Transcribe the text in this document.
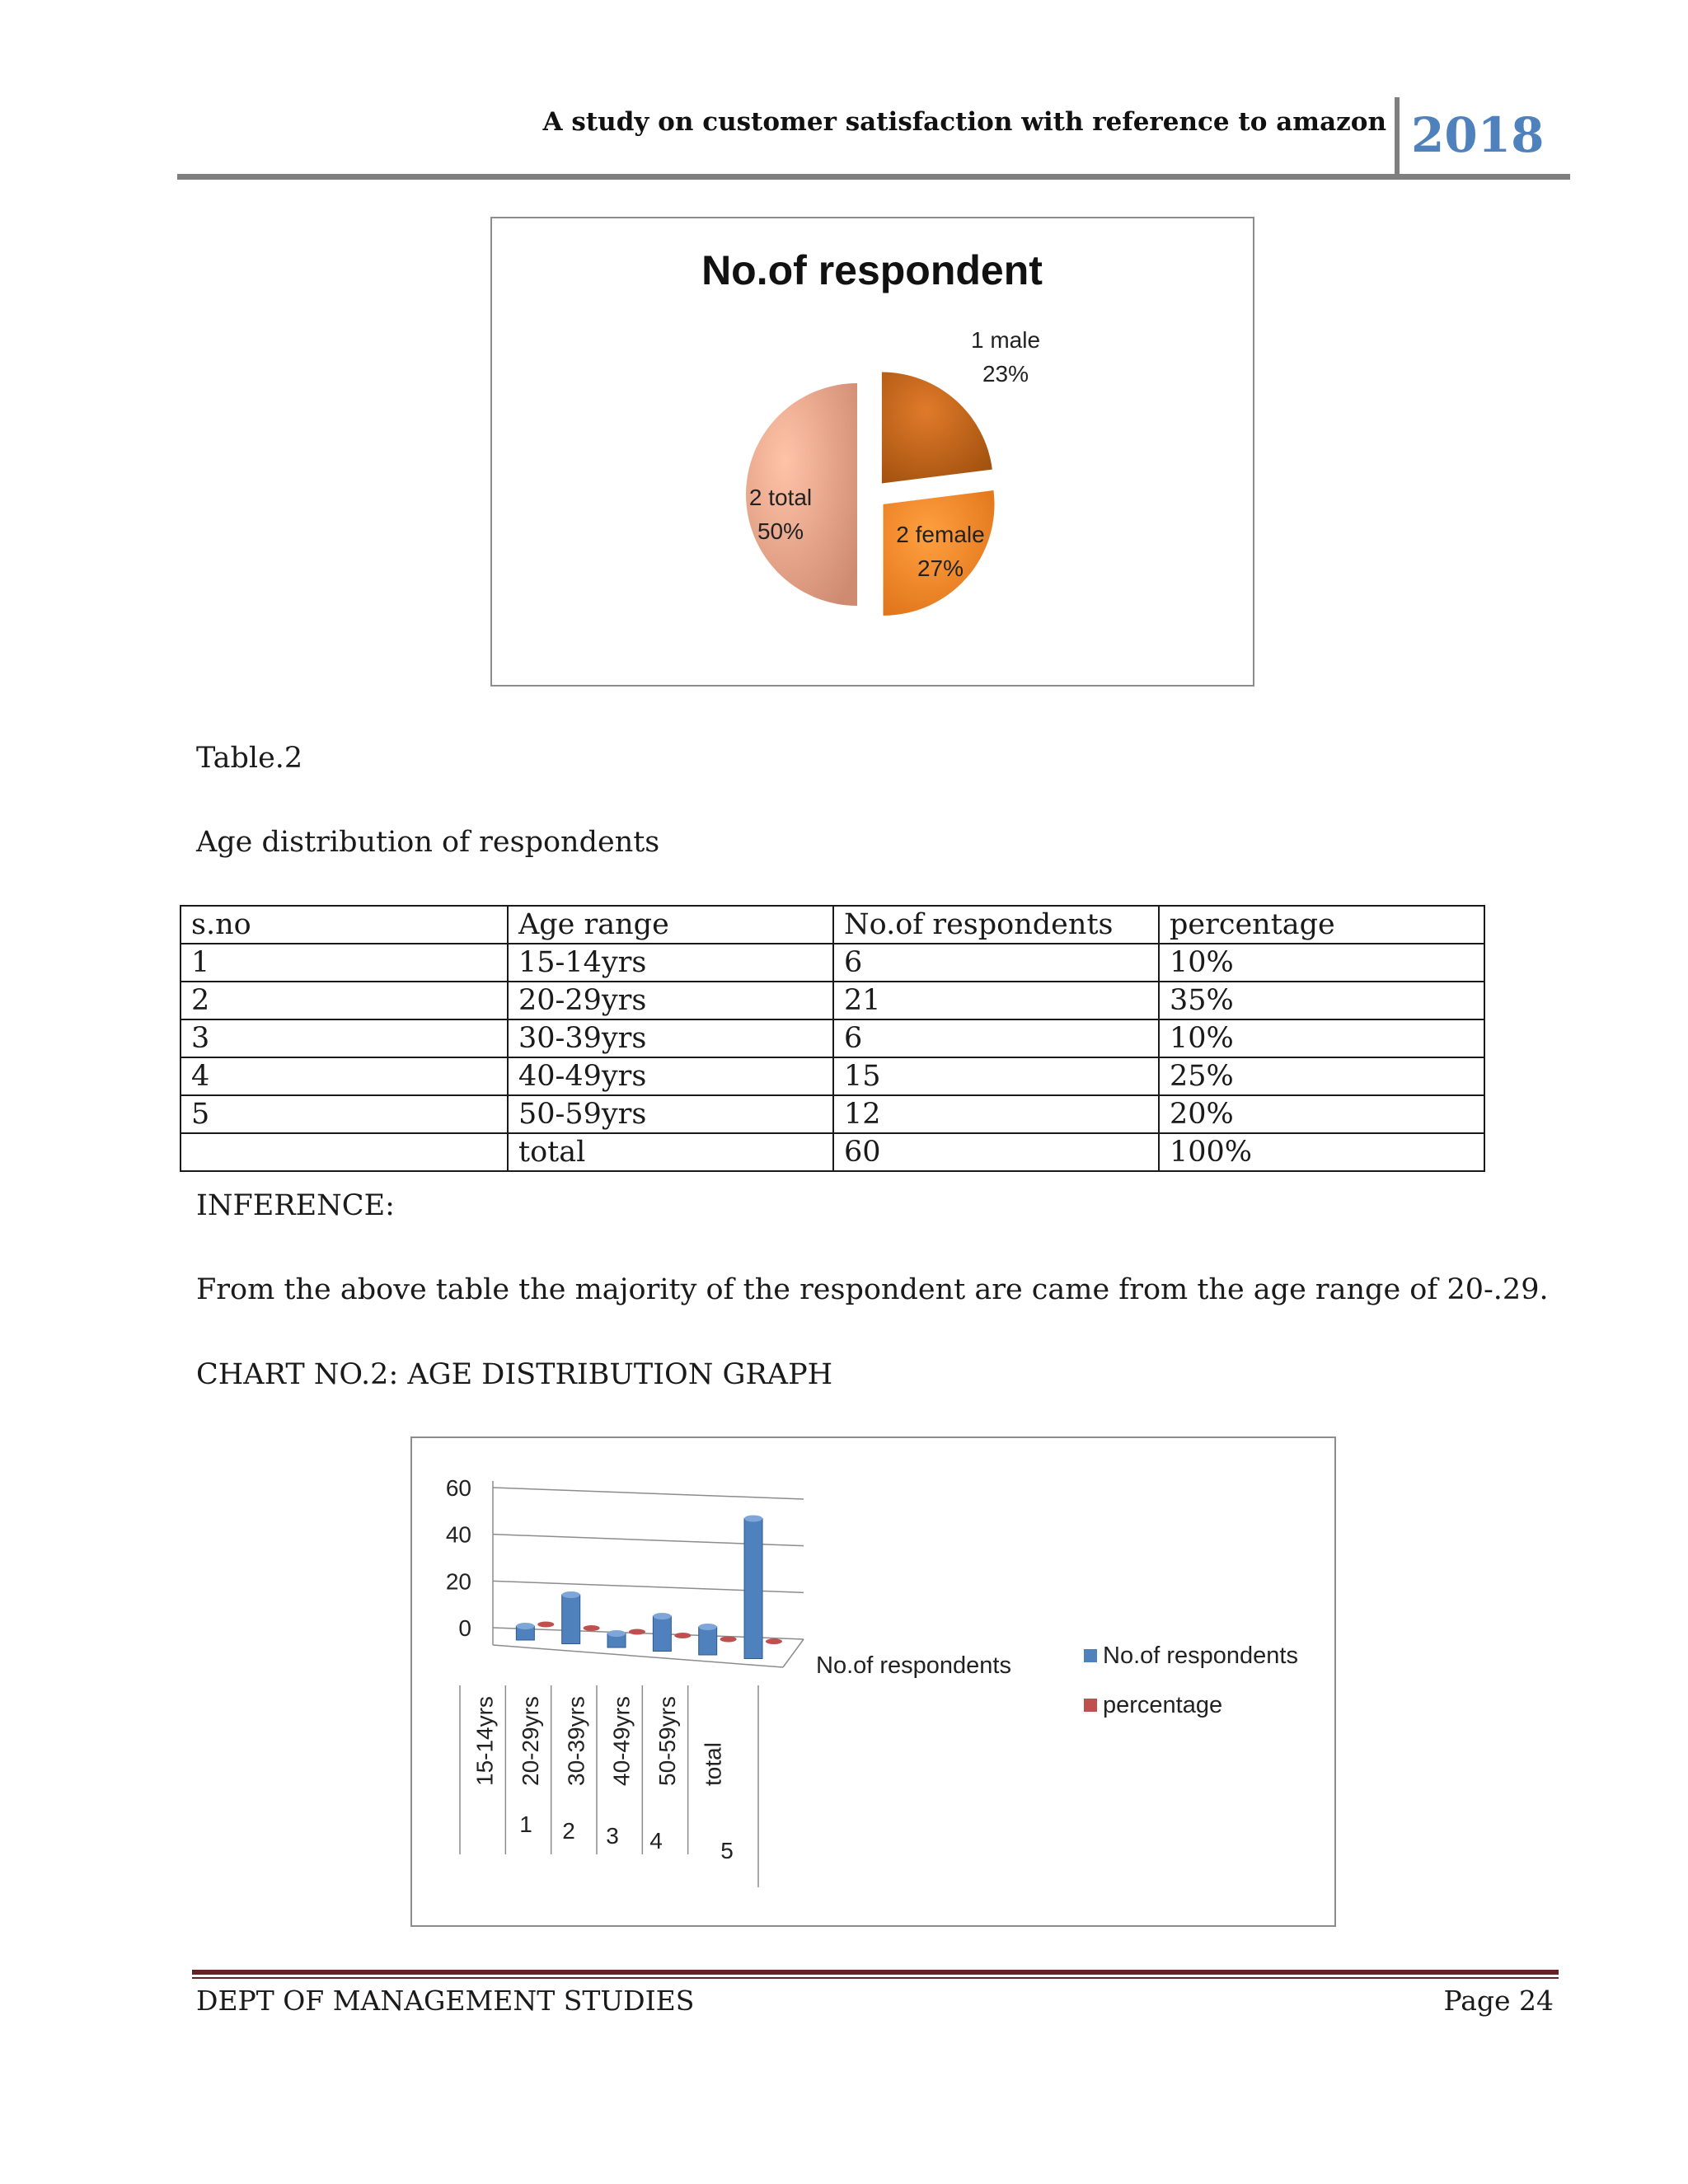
A study on customer satisfaction with reference to amazon 2018
No.of respondent
1 male
23%
2 female
27%
2 total
50%
Table.2
Age distribution of respondents
s.no	Age range	No.of respondents	percentage
1	15-14yrs	6	10%
2	20-29yrs	21	35%
3	30-39yrs	6	10%
4	40-49yrs	15	25%
5	50-59yrs	12	20%
	total	60	100%
INFERENCE:
From the above table the majority of the respondent are came from the age range of 20-.29.
CHART NO.2: AGE DISTRIBUTION GRAPH
0
20
40
60
15-14yrs 20-29yrs 30-39yrs 40-49yrs 50-59yrs total
1 2 3 4	5
No.of respondents	No.of respondents
percentage
DEPT OF MANAGEMENT STUDIES	Page 24
